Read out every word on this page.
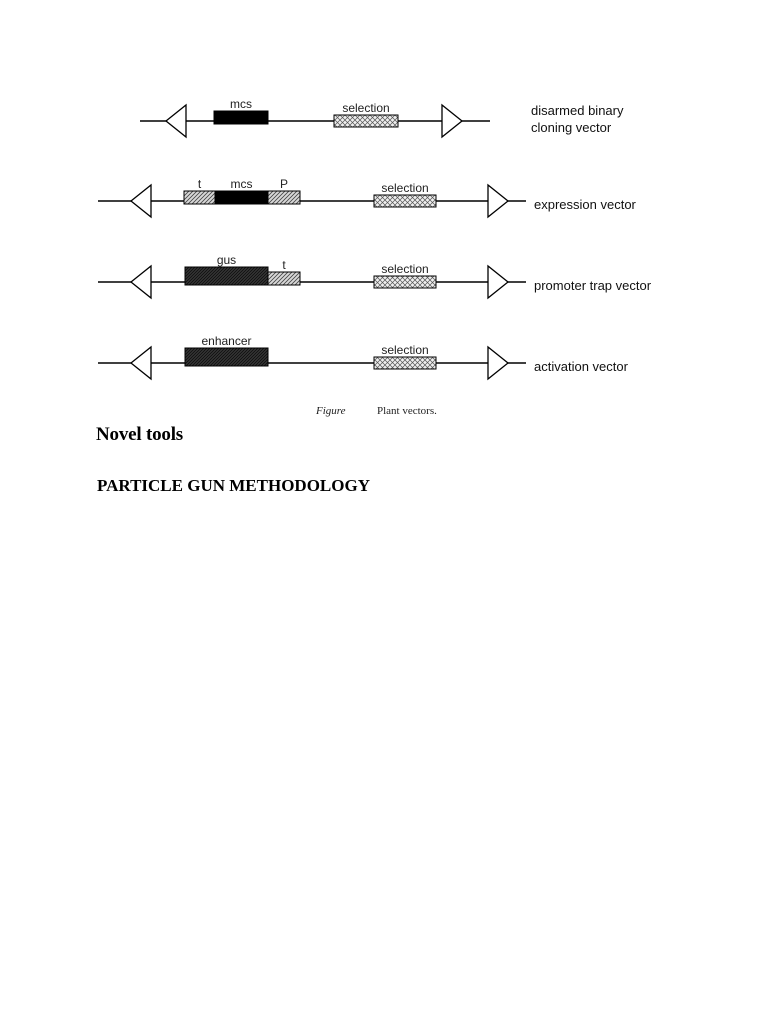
mcs	selection	disarmed binary
cloning vector
t mcs P	selection
expression vector
gus	t	selection
promoter trap vector
enhancer
selection
activation vector
Figure	Plant vectors.
Novel tools
PARTICLE GUN METHODOLOGY
